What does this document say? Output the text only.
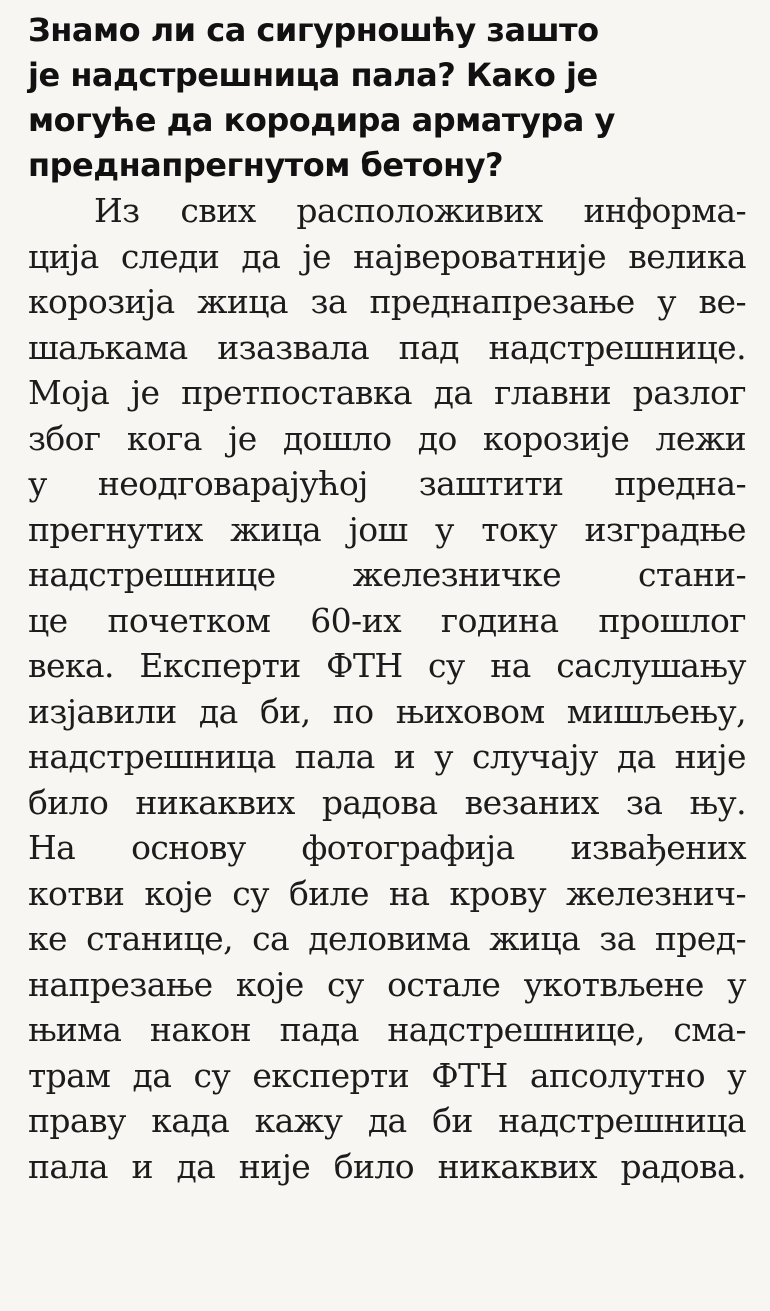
Знамо ли са сигурношћу зашто
је надстрешница пала? Како је
могуће да кородира арматура у
преднапрегнутом бетону?

Из свих расположивих информа-
ција следи да је највероватније велика
корозија жица за преднапрезање у ве-
шаљкама изазвала пад надстрешнице.
Моја је претпоставка да главни разлог
због кога је дошло до корозије лежи
у неодговарајућој заштити предна-
прегнутих жица још у току изградње
надстрешнице железничке стани-
це почетком 60-их година прошлог
века. Експерти ФТН су на саслушању
изјавили да би, по њиховом мишљењу,
надстрешница пала и у случају да није
било никаквих радова везаних за њу.
На основу фотографија извађених
котви које су биле на крову железнич-
ке станице, са деловима жица за пред-
напрезање које су остале укотвљене у
њима након пада надстрешнице, сма-
трам да су експерти ФТН апсолутно у
праву када кажу да би надстрешница
пала и да није било никаквих радова.
